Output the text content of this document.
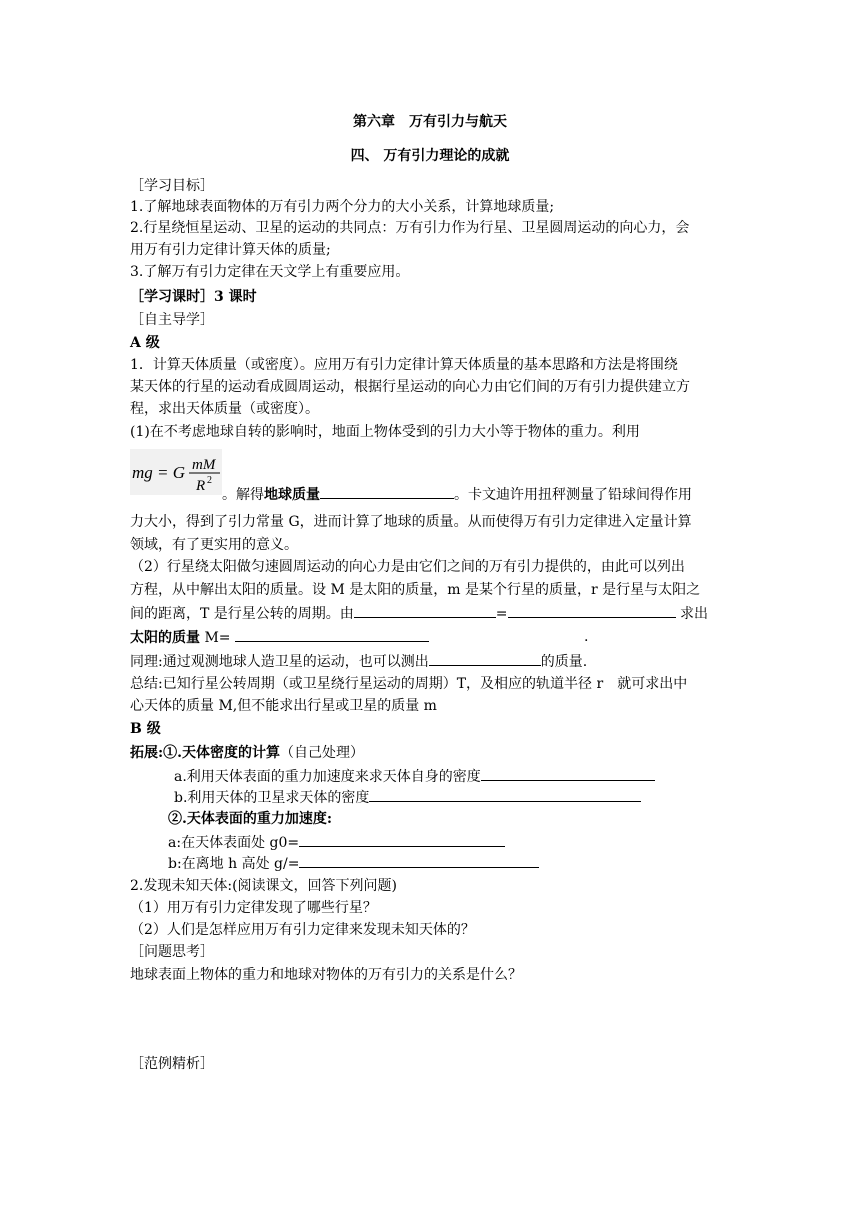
第六章　万有引力与航天
四、 万有引力理论的成就
［学习目标］
1.了解地球表面物体的万有引力两个分力的大小关系，计算地球质量;
2.行星绕恒星运动、卫星的运动的共同点：万有引力作为行星、卫星圆周运动的向心力，会
用万有引力定律计算天体的质量;
3.了解万有引力定律在天文学上有重要应用。
［学习课时］3 课时
［自主导学］
A 级
1．计算天体质量（或密度）。应用万有引力定律计算天体质量的基本思路和方法是将围绕
某天体的行星的运动看成圆周运动，根据行星运动的向心力由它们间的万有引力提供建立方
程，求出天体质量（或密度）。
(1)在不考虑地球自转的影响时，地面上物体受到的引力大小等于物体的重力。利用
mg = G mM
R 2
。解得地球质量	。卡文迪许用扭秤测量了铅球间得作用
力大小，得到了引力常量 G，进而计算了地球的质量。从而使得万有引力定律进入定量计算
领域，有了更实用的意义。
（2）行星绕太阳做匀速圆周运动的向心力是由它们之间的万有引力提供的，由此可以列出
方程，从中解出太阳的质量。设 M 是太阳的质量，m 是某个行星的质量，r 是行星与太阳之
间的距离，T 是行星公转的周期。由	=	求出
太阳的质量 M=	.
同理:通过观测地球人造卫星的运动，也可以测出	的质量.
总结:已知行星公转周期（或卫星绕行星运动的周期）T，及相应的轨道半径 r　就可求出中
心天体的质量 M,但不能求出行星或卫星的质量 m
B 级
拓展:①.天体密度的计算（自己处理）
a.利用天体表面的重力加速度来求天体自身的密度
b.利用天体的卫星求天体的密度
②.天体表面的重力加速度:
a:在天体表面处 g0=
b:在离地 h 高处 g/=
2.发现未知天体:(阅读课文，回答下列问题)
（1）用万有引力定律发现了哪些行星？
（2）人们是怎样应用万有引力定律来发现未知天体的？
［问题思考］
地球表面上物体的重力和地球对物体的万有引力的关系是什么？
［范例精析］
